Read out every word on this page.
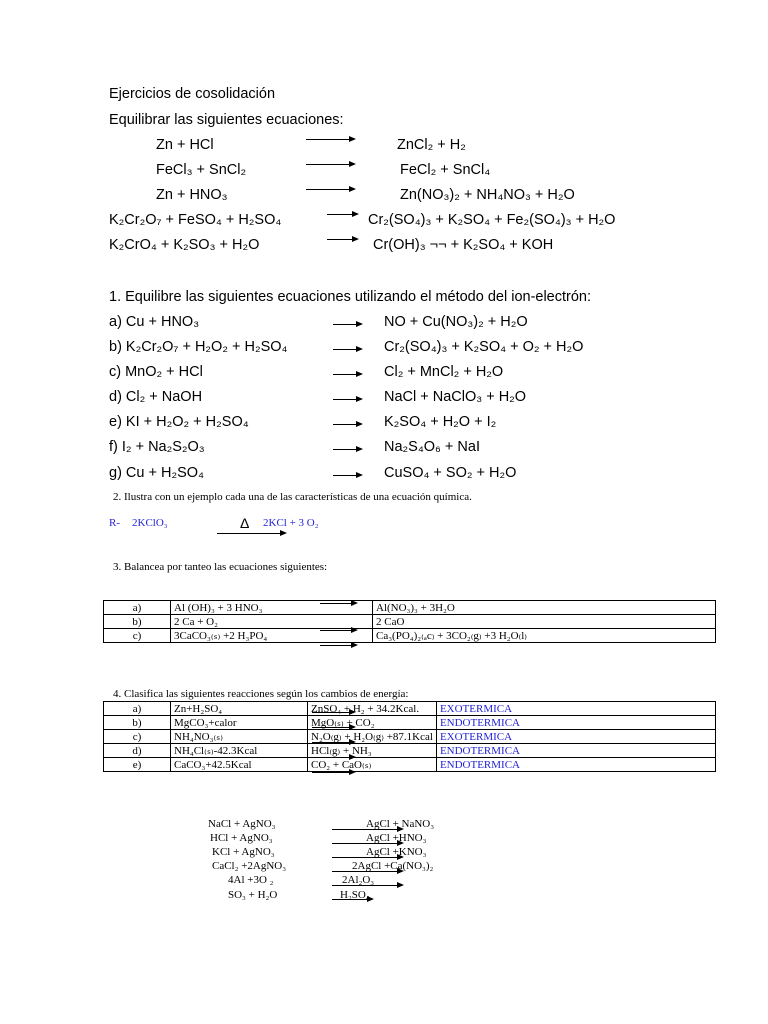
Ejercicios de cosolidación
Equilibrar las siguientes ecuaciones:
Zn + HCl	ZnCl₂ + H₂
FeCl₃ + SnCl₂	FeCl₂ + SnCl₄
Zn + HNO₃	Zn(NO₃)₂ + NH₄NO₃ + H₂O
K₂Cr₂O₇ + FeSO₄ + H₂SO₄	→ Cr₂(SO₄)₃ + K₂SO₄ + Fe₂(SO₄)₃ + H₂O
K₂CrO₄ + K₂SO₃ + H₂O	→ Cr(OH)₃ ¬¬ + K₂SO₄ + KOH
1. Equilibre las siguientes ecuaciones utilizando el método del ion-electrón:
a) Cu + HNO₃	→ NO + Cu(NO₃)₂ + H₂O
b) K₂Cr₂O₇ + H₂O₂ + H₂SO₄	→ Cr₂(SO₄)₃ + K₂SO₄ + O₂ + H₂O
c) MnO₂ + HCl	→ Cl₂ + MnCl₂ + H₂O
d) Cl₂ + NaOH	→ NaCl + NaClO₃ + H₂O
e) KI + H₂O₂ + H₂SO₄	→ K₂SO₄ + H₂O + I₂
f) I₂ + Na₂S₂O₃	→ Na₂S₄O₆ + NaI
g) Cu + H₂SO₄	→ CuSO₄ + SO₂ + H₂O
2. Ilustra con un ejemplo cada una de las características de una ecuación química.
R- 2KClO₃	Δ 2KCl + 3 O₂
3. Balancea por tanteo las ecuaciones siguientes:
a)	Al (OH)₃ + 3 HNO₃	Al(NO₃)₃ + 3H₂O
b)	2 Ca + O₂	2 CaO
c)	3CaCO₃₍ₛ₎ +2 H₃PO₄	Ca₃(PO₄)₂₍ₐc₎ + 3CO₂₍g₎ +3 H₂O₍l₎
4. Clasifica las siguientes reacciones según los cambios de energía:
a)	Zn+H₂SO₄	ZnSO₄ + H₂ + 34.2Kcal.	EXOTERMICA
b)	MgCO₃+calor	MgO₍ₛ₎ + CO₂	ENDOTERMICA
c)	NH₄NO₃₍ₛ₎	N₂O₍g₎ + H₂O₍g₎ +87.1Kcal	EXOTERMICA
d)	NH₄Cl₍ₛ₎-42.3Kcal	HCl₍g₎ + NH₃	ENDOTERMICA
e)	CaCO₃+42.5Kcal	CO₂ + CaO₍ₛ₎	ENDOTERMICA
NaCl + AgNO₃	AgCl + NaNO₃
HCl + AgNO₃	AgCl +HNO₃
KCl + AgNO₃	AgCl +KNO₃
CaCl₂ +2AgNO₃	2AgCl +Ca(NO₃)₂
4Al +3O ₂	2Al₂O₃
SO₃ + H₂O	H₂SO₄
